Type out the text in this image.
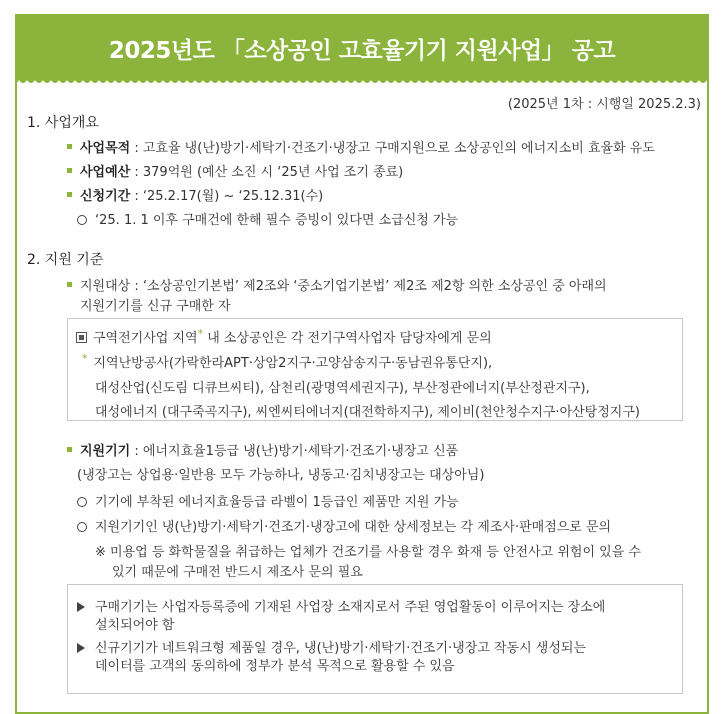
2025년도 「소상공인 고효율기기 지원사업」 공고
(2025년 1차 : 시행일 2025.2.3)
1. 사업개요
사업목적 : 고효율 냉(난)방기·세탁기·건조기·냉장고 구매지원으로 소상공인의 에너지소비 효율화 유도
사업예산 : 379억원 (예산 소진 시 ‘25년 사업 조기 종료)
신청기간 : ‘25.2.17(월) ~ ‘25.12.31(수)
‘25. 1. 1 이후 구매건에 한해 필수 증빙이 있다면 소급신청 가능
2. 지원 기준
지원대상 : ‘소상공인기본법’ 제2조와 ‘중소기업기본법’ 제2조 제2항 의한 소상공인 중 아래의
지원기기를 신규 구매한 자
구역전기사업 지역* 내 소상공인은 각 전기구역사업자 담당자에게 문의
* 지역난방공사(가락한라APT·상암2지구·고양삼송지구·동남권유통단지),
대성산업(신도림 디큐브씨티), 삼천리(광명역세권지구), 부산정관에너지(부산정관지구),
대성에너지 (대구죽곡지구), 씨엔씨티에너지(대전학하지구), 제이비(천안청수지구·아산탕정지구)
지원기기 : 에너지효율1등급 냉(난)방기·세탁기·건조기·냉장고 신품
(냉장고는 상업용·일반용 모두 가능하나, 냉동고·김치냉장고는 대상아님)
기기에 부착된 에너지효율등급 라벨이 1등급인 제품만 지원 가능
지원기기인 냉(난)방기·세탁기·건조기·냉장고에 대한 상세정보는 각 제조사·판매점으로 문의
※ 미용업 등 화학물질을 취급하는 업체가 건조기를 사용할 경우 화재 등 안전사고 위험이 있을 수
있기 때문에 구매전 반드시 제조사 문의 필요
구매기기는 사업자등록증에 기재된 사업장 소재지로서 주된 영업활동이 이루어지는 장소에
설치되어야 함
신규기기가 네트워크형 제품일 경우, 냉(난)방기·세탁기·건조기·냉장고 작동시 생성되는
데이터를 고객의 동의하에 정부가 분석 목적으로 활용할 수 있음
